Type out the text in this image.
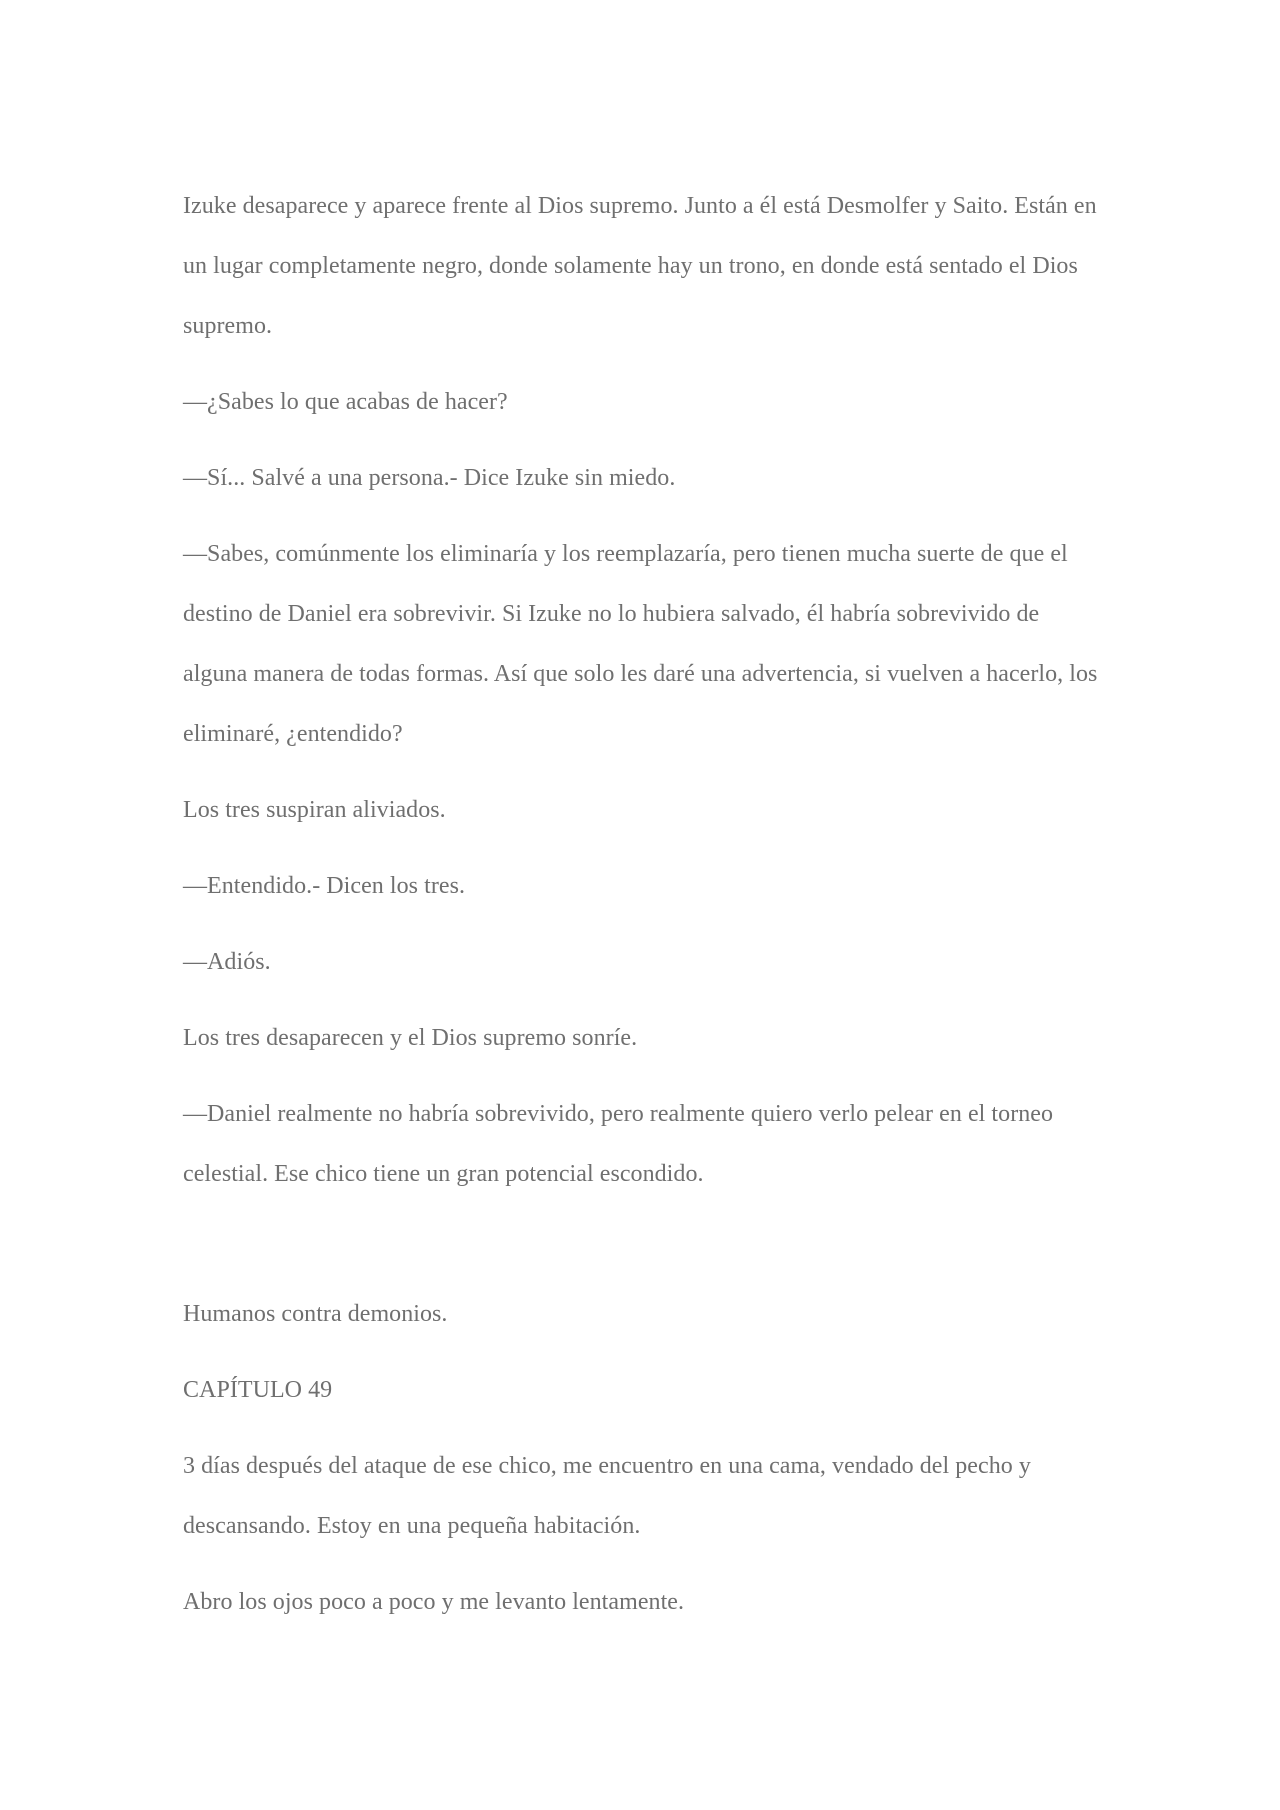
Izuke desaparece y aparece frente al Dios supremo. Junto a él está Desmolfer y Saito. Están en un lugar completamente negro, donde solamente hay un trono, en donde está sentado el Dios supremo.

—¿Sabes lo que acabas de hacer?

—Sí... Salvé a una persona.- Dice Izuke sin miedo.

—Sabes, comúnmente los eliminaría y los reemplazaría, pero tienen mucha suerte de que el destino de Daniel era sobrevivir. Si Izuke no lo hubiera salvado, él habría sobrevivido de alguna manera de todas formas. Así que solo les daré una advertencia, si vuelven a hacerlo, los eliminaré, ¿entendido?

Los tres suspiran aliviados.

—Entendido.- Dicen los tres.

—Adiós.

Los tres desaparecen y el Dios supremo sonríe.

—Daniel realmente no habría sobrevivido, pero realmente quiero verlo pelear en el torneo celestial. Ese chico tiene un gran potencial escondido.

Humanos contra demonios.

CAPÍTULO 49

3 días después del ataque de ese chico, me encuentro en una cama, vendado del pecho y descansando. Estoy en una pequeña habitación.

Abro los ojos poco a poco y me levanto lentamente.
